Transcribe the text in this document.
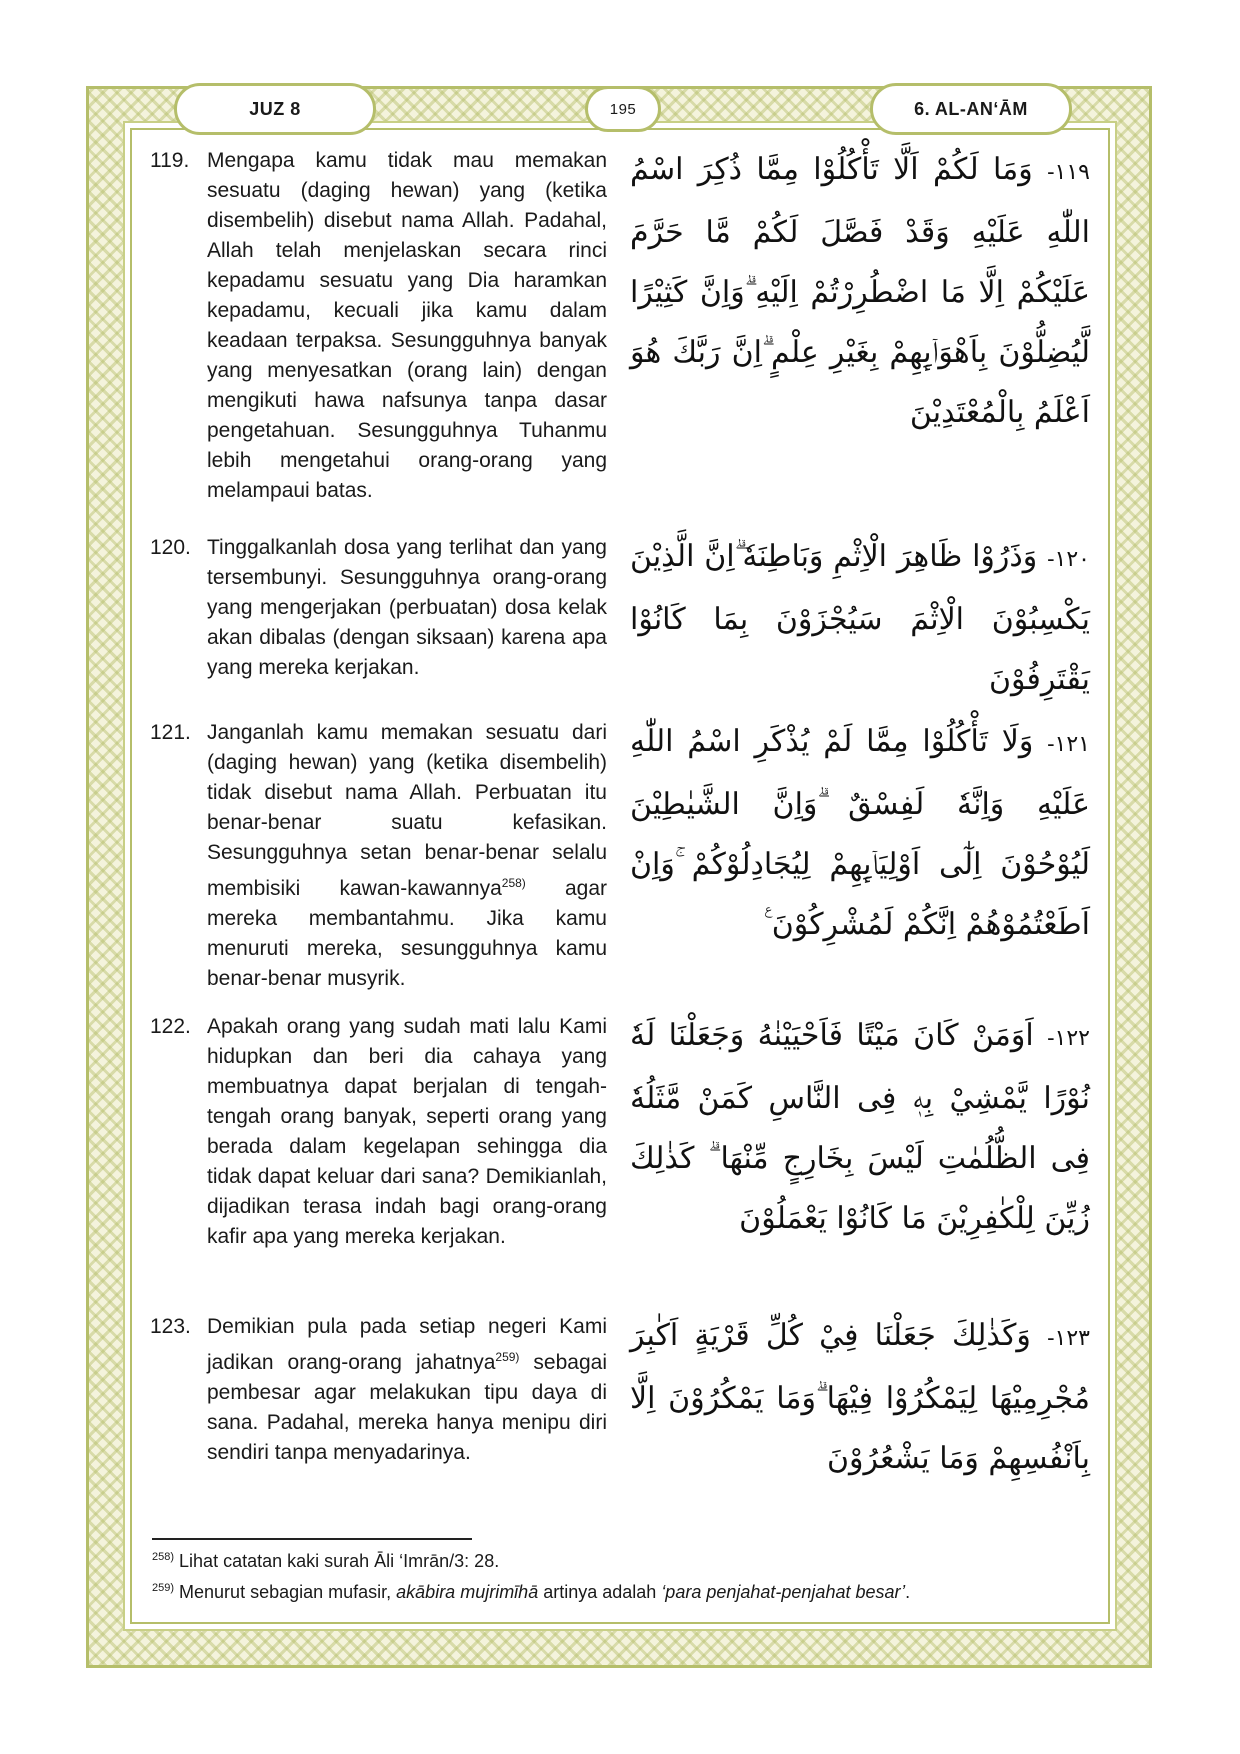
JUZ 8	195	6. AL-AN‘ĀM
119. Mengapa kamu tidak mau memakan sesuatu (daging hewan) yang (ketika disembelih) disebut nama Allah. Padahal, Allah telah menjelaskan secara rinci kepadamu sesuatu yang Dia haramkan kepadamu, kecuali jika kamu dalam keadaan terpaksa. Sesungguhnya banyak yang menyesatkan (orang lain) dengan mengikuti hawa nafsunya tanpa dasar pengetahuan. Sesungguhnya Tuhanmu lebih mengetahui orang-orang yang melampaui batas.
١١٩- وَمَا لَكُمْ اَلَّا تَأْكُلُوْا مِمَّا ذُكِرَ اسْمُ اللّٰهِ عَلَيْهِ وَقَدْ فَصَّلَ لَكُمْ مَّا حَرَّمَ عَلَيْكُمْ اِلَّا مَا اضْطُرِرْتُمْ اِلَيْهِ ۗوَاِنَّ كَثِيْرًا لَّيُضِلُّوْنَ بِاَهْوَاۤىِٕهِمْ بِغَيْرِ عِلْمٍ ۗاِنَّ رَبَّكَ هُوَ اَعْلَمُ بِالْمُعْتَدِيْنَ
120. Tinggalkanlah dosa yang terlihat dan yang tersembunyi. Sesungguhnya orang-orang yang mengerjakan (perbuatan) dosa kelak akan dibalas (dengan siksaan) karena apa yang mereka kerjakan.
١٢٠- وَذَرُوْا ظَاهِرَ الْاِثْمِ وَبَاطِنَهٗ ۗاِنَّ الَّذِيْنَ يَكْسِبُوْنَ الْاِثْمَ سَيُجْزَوْنَ بِمَا كَانُوْا يَقْتَرِفُوْنَ
121. Janganlah kamu memakan sesuatu dari (daging hewan) yang (ketika disembelih) tidak disebut nama Allah. Perbuatan itu benar-benar suatu kefasikan. Sesungguhnya setan benar-benar selalu membisiki kawan-kawannya$^{258)}$ agar mereka membantahmu. Jika kamu menuruti mereka, sesungguhnya kamu benar-benar musyrik.
١٢١- وَلَا تَأْكُلُوْا مِمَّا لَمْ يُذْكَرِ اسْمُ اللّٰهِ عَلَيْهِ وَاِنَّهٗ لَفِسْقٌ ۗوَاِنَّ الشَّيٰطِيْنَ لَيُوْحُوْنَ اِلٰٓى اَوْلِيَاۤىِٕهِمْ لِيُجَادِلُوْكُمْ ۚوَاِنْ اَطَعْتُمُوْهُمْ اِنَّكُمْ لَمُشْرِكُوْنَ ࣖ
122. Apakah orang yang sudah mati lalu Kami hidupkan dan beri dia cahaya yang membuatnya dapat berjalan di tengah-tengah orang banyak, seperti orang yang berada dalam kegelapan sehingga dia tidak dapat keluar dari sana? Demikianlah, dijadikan terasa indah bagi orang-orang kafir apa yang mereka kerjakan.
١٢٢- اَوَمَنْ كَانَ مَيْتًا فَاَحْيَيْنٰهُ وَجَعَلْنَا لَهٗ نُوْرًا يَّمْشِيْ بِهٖ فِى النَّاسِ كَمَنْ مَّثَلُهٗ فِى الظُّلُمٰتِ لَيْسَ بِخَارِجٍ مِّنْهَا ۗ كَذٰلِكَ زُيِّنَ لِلْكٰفِرِيْنَ مَا كَانُوْا يَعْمَلُوْنَ
123. Demikian pula pada setiap negeri Kami jadikan orang-orang jahatnya$^{259)}$ sebagai pembesar agar melakukan tipu daya di sana. Padahal, mereka hanya menipu diri sendiri tanpa menyadarinya.
١٢٣- وَكَذٰلِكَ جَعَلْنَا فِيْ كُلِّ قَرْيَةٍ اَكٰبِرَ مُجْرِمِيْهَا لِيَمْكُرُوْا فِيْهَا ۗوَمَا يَمْكُرُوْنَ اِلَّا بِاَنْفُسِهِمْ وَمَا يَشْعُرُوْنَ
$^{258)}$ Lihat catatan kaki surah Āli ‘Imrān/3: 28.
$^{259)}$ Menurut sebagian mufasir, akābira mujrimīhā artinya adalah ‘para penjahat-penjahat besar’.
